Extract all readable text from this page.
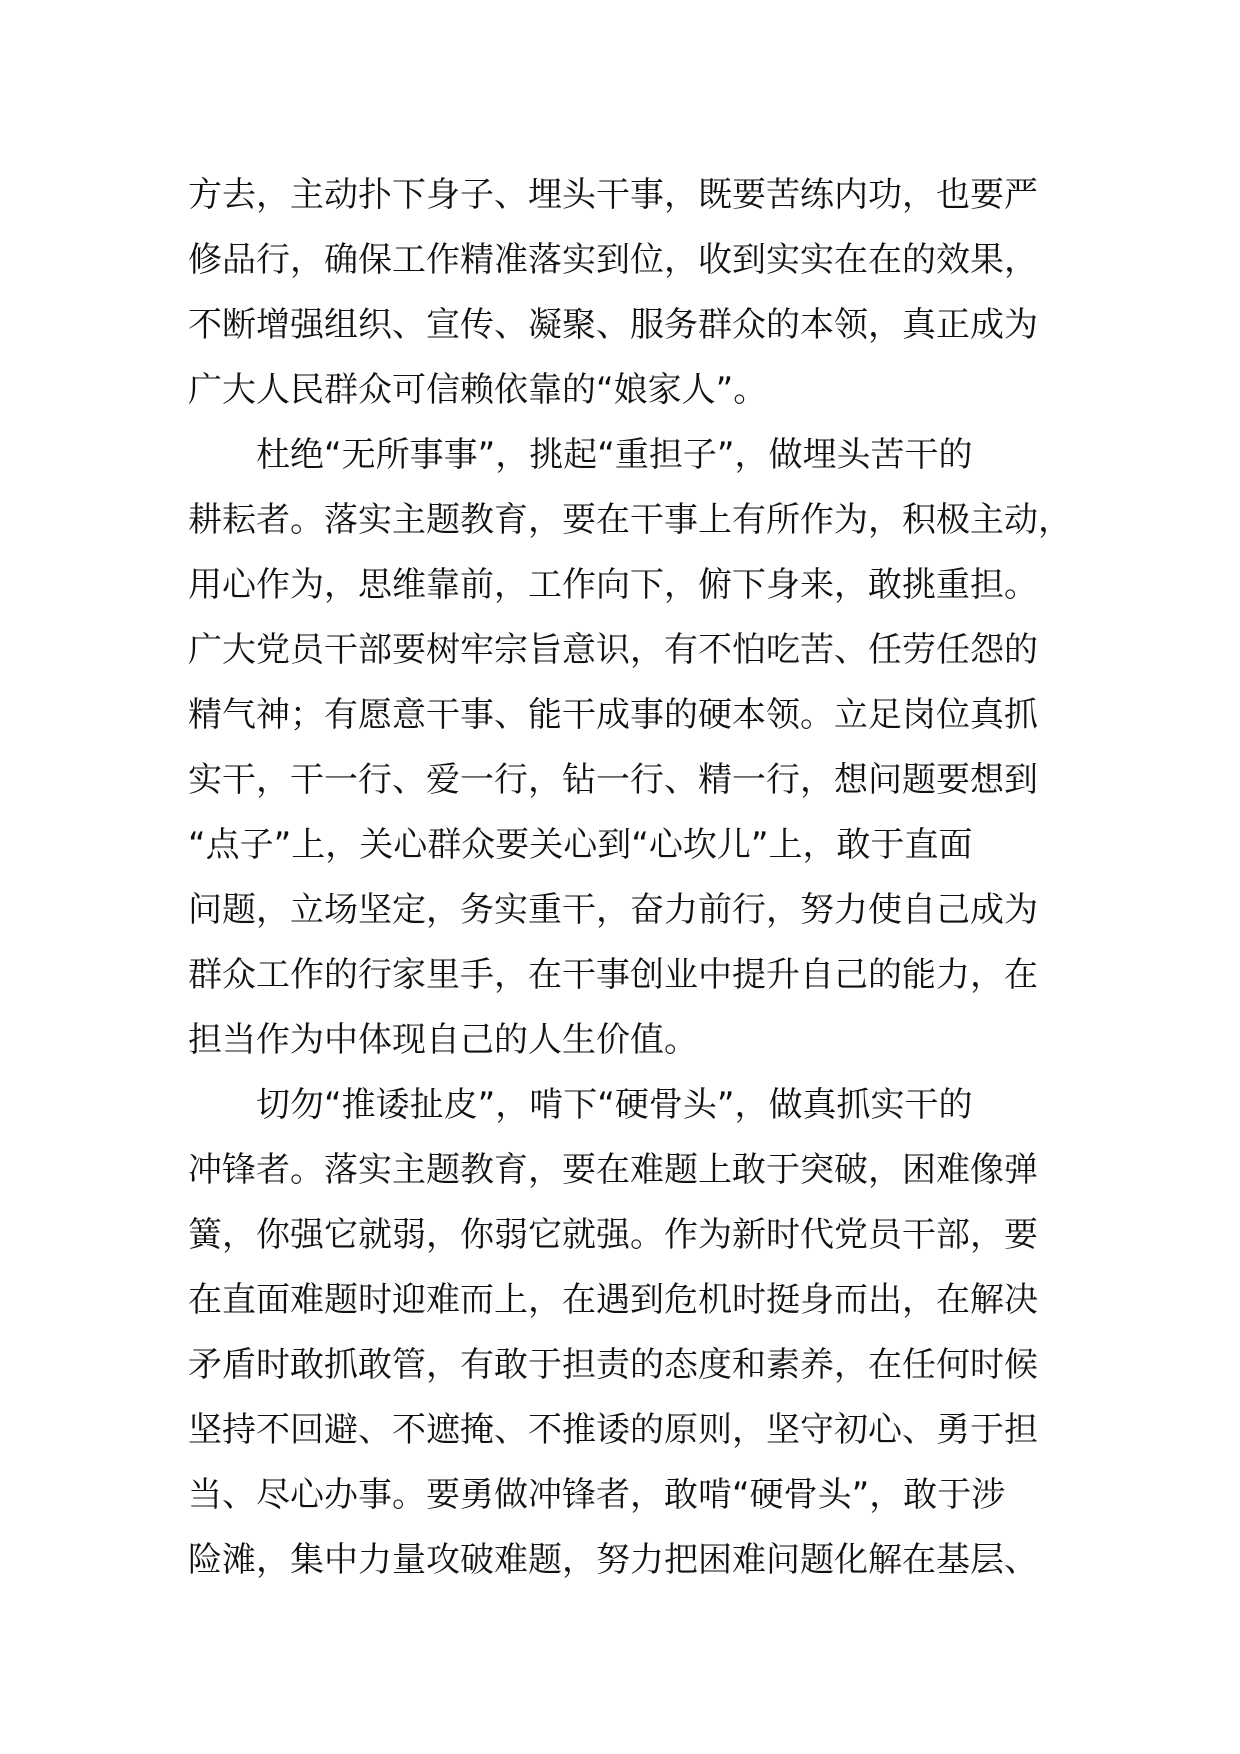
方去，主动扑下身子、埋头干事，既要苦练内功，也要严
修品行，确保工作精准落实到位，收到实实在在的效果，
不断增强组织、宣传、凝聚、服务群众的本领，真正成为
广大人民群众可信赖依靠的“娘家人”。
　　杜绝“无所事事”，挑起“重担子”，做埋头苦干的
耕耘者。落实主题教育，要在干事上有所作为，积极主动，
用心作为，思维靠前，工作向下，俯下身来，敢挑重担。
广大党员干部要树牢宗旨意识，有不怕吃苦、任劳任怨的
精气神；有愿意干事、能干成事的硬本领。立足岗位真抓
实干，干一行、爱一行，钻一行、精一行，想问题要想到
“点子”上，关心群众要关心到“心坎儿”上，敢于直面
问题，立场坚定，务实重干，奋力前行，努力使自己成为
群众工作的行家里手，在干事创业中提升自己的能力，在
担当作为中体现自己的人生价值。
　　切勿“推诿扯皮”，啃下“硬骨头”，做真抓实干的
冲锋者。落实主题教育，要在难题上敢于突破，困难像弹
簧，你强它就弱，你弱它就强。作为新时代党员干部，要
在直面难题时迎难而上，在遇到危机时挺身而出，在解决
矛盾时敢抓敢管，有敢于担责的态度和素养，在任何时候
坚持不回避、不遮掩、不推诿的原则，坚守初心、勇于担
当、尽心办事。要勇做冲锋者，敢啃“硬骨头”，敢于涉
险滩，集中力量攻破难题，努力把困难问题化解在基层、
